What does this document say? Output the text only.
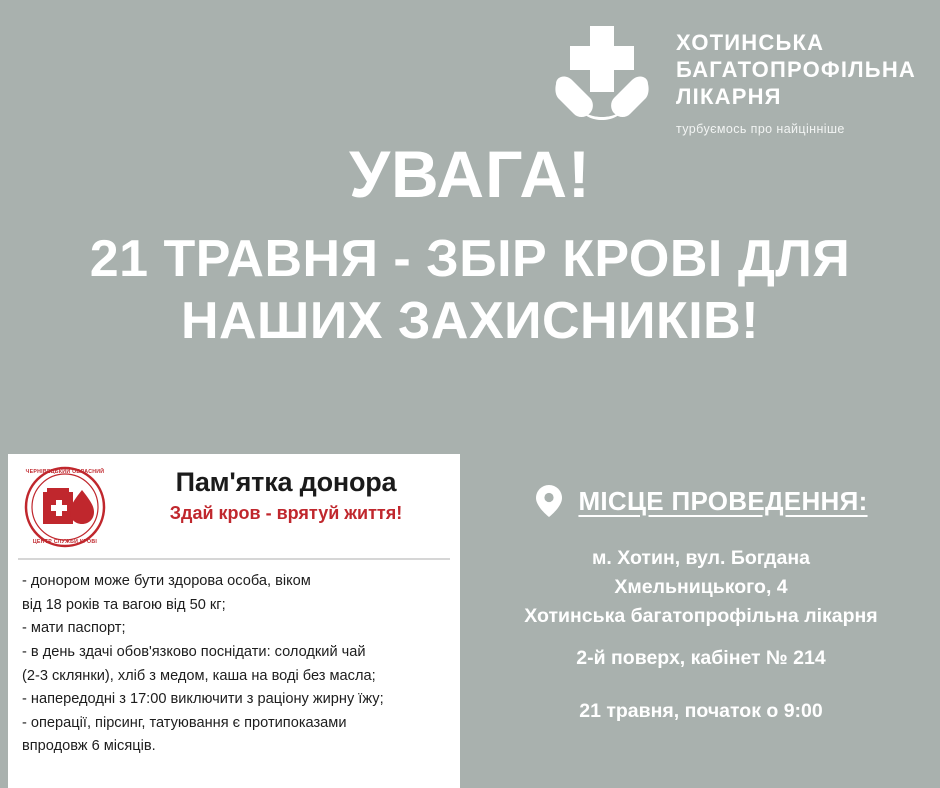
ХОТИНСЬКА
БАГАТОПРОФІЛЬНА
ЛІКАРНЯ
турбуємось про найцінніше
УВАГА!
21 ТРАВНЯ - ЗБІР КРОВІ ДЛЯ
НАШИХ ЗАХИСНИКІВ!
ЧЕРНІВЕЦЬКИЙ ОБЛАСНИЙ
ЦЕНТР СЛУЖБИ КРОВІ
Пам'ятка донора
Здай кров - врятуй життя!
- донором може бути здорова особа, віком
від 18 років та вагою від 50 кг;
- мати паспорт;
- в день здачі обов'язково поснідати: солодкий чай
(2-3 склянки), хліб з медом, каша на воді без масла;
- напередодні з 17:00 виключити з раціону жирну їжу;
- операції, пірсинг, татуювання є протипоказами
впродовж 6 місяців.
МІСЦЕ ПРОВЕДЕННЯ:
м. Хотин, вул. Богдана
Хмельницького, 4
Хотинська багатопрофільна лікарня
2-й поверх, кабінет № 214
21 травня, початок о 9:00
